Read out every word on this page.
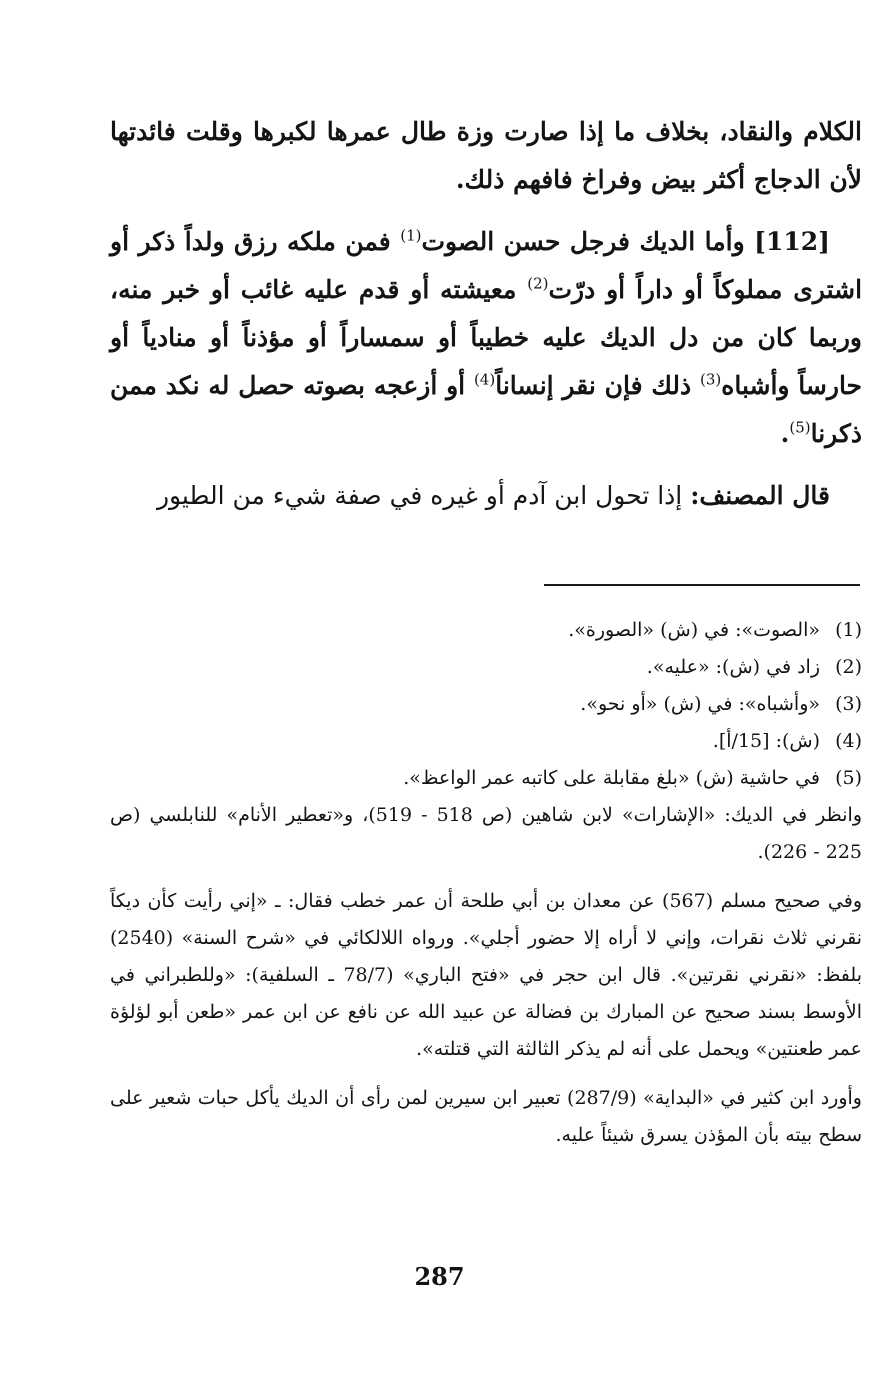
الكلام والنقاد، بخلاف ما إذا صارت وزة طال عمرها لكبرها وقلت فائدتها لأن الدجاج أكثر بيض وفراخ فافهم ذلك.

[112] وأما الديك فرجل حسن الصوت$^{(1)}$ فمن ملكه رزق ولداً ذكر أو اشترى مملوكاً أو داراً أو درّت$^{(2)}$ معيشته أو قدم عليه غائب أو خبر منه، وربما كان من دل الديك عليه خطيباً أو سمساراً أو مؤذناً أو منادياً أو حارساً وأشباه$^{(3)}$ ذلك فإن نقر إنساناً$^{(4)}$ أو أزعجه بصوته حصل له نكد ممن ذكرنا$^{(5)}$.

قال المصنف: إذا تحول ابن آدم أو غيره في صفة شيء من الطيور

(1)
«الصوت»: في (ش) «الصورة».
(2)
زاد في (ش): «عليه».
(3)
«وأشباه»: في (ش) «أو نحو».
(4)
(ش): [15/أ].
(5)
في حاشية (ش) «بلغ مقابلة على كاتبه عمر الواعظ».

وانظر في الديك: «الإشارات» لابن شاهين (ص 518 - 519)، و«تعطير الأنام» للنابلسي (ص 225 - 226).

وفي صحيح مسلم (567) عن معدان بن أبي طلحة أن عمر خطب فقال: ـ «إني رأيت كأن ديكاً نقرني ثلاث نقرات، وإني لا أراه إلا حضور أجلي». ورواه اللالكائي في «شرح السنة» (2540) بلفظ: «نقرني نقرتين». قال ابن حجر في «فتح الباري» (78/7 ـ السلفية): «وللطبراني في الأوسط بسند صحيح عن المبارك بن فضالة عن عبيد الله عن نافع عن ابن عمر «طعن أبو لؤلؤة عمر طعنتين» ويحمل على أنه لم يذكر الثالثة التي قتلته».

وأورد ابن كثير في «البداية» (287/9) تعبير ابن سيرين لمن رأى أن الديك يأكل حبات شعير على سطح بيته بأن المؤذن يسرق شيئاً عليه.

287
